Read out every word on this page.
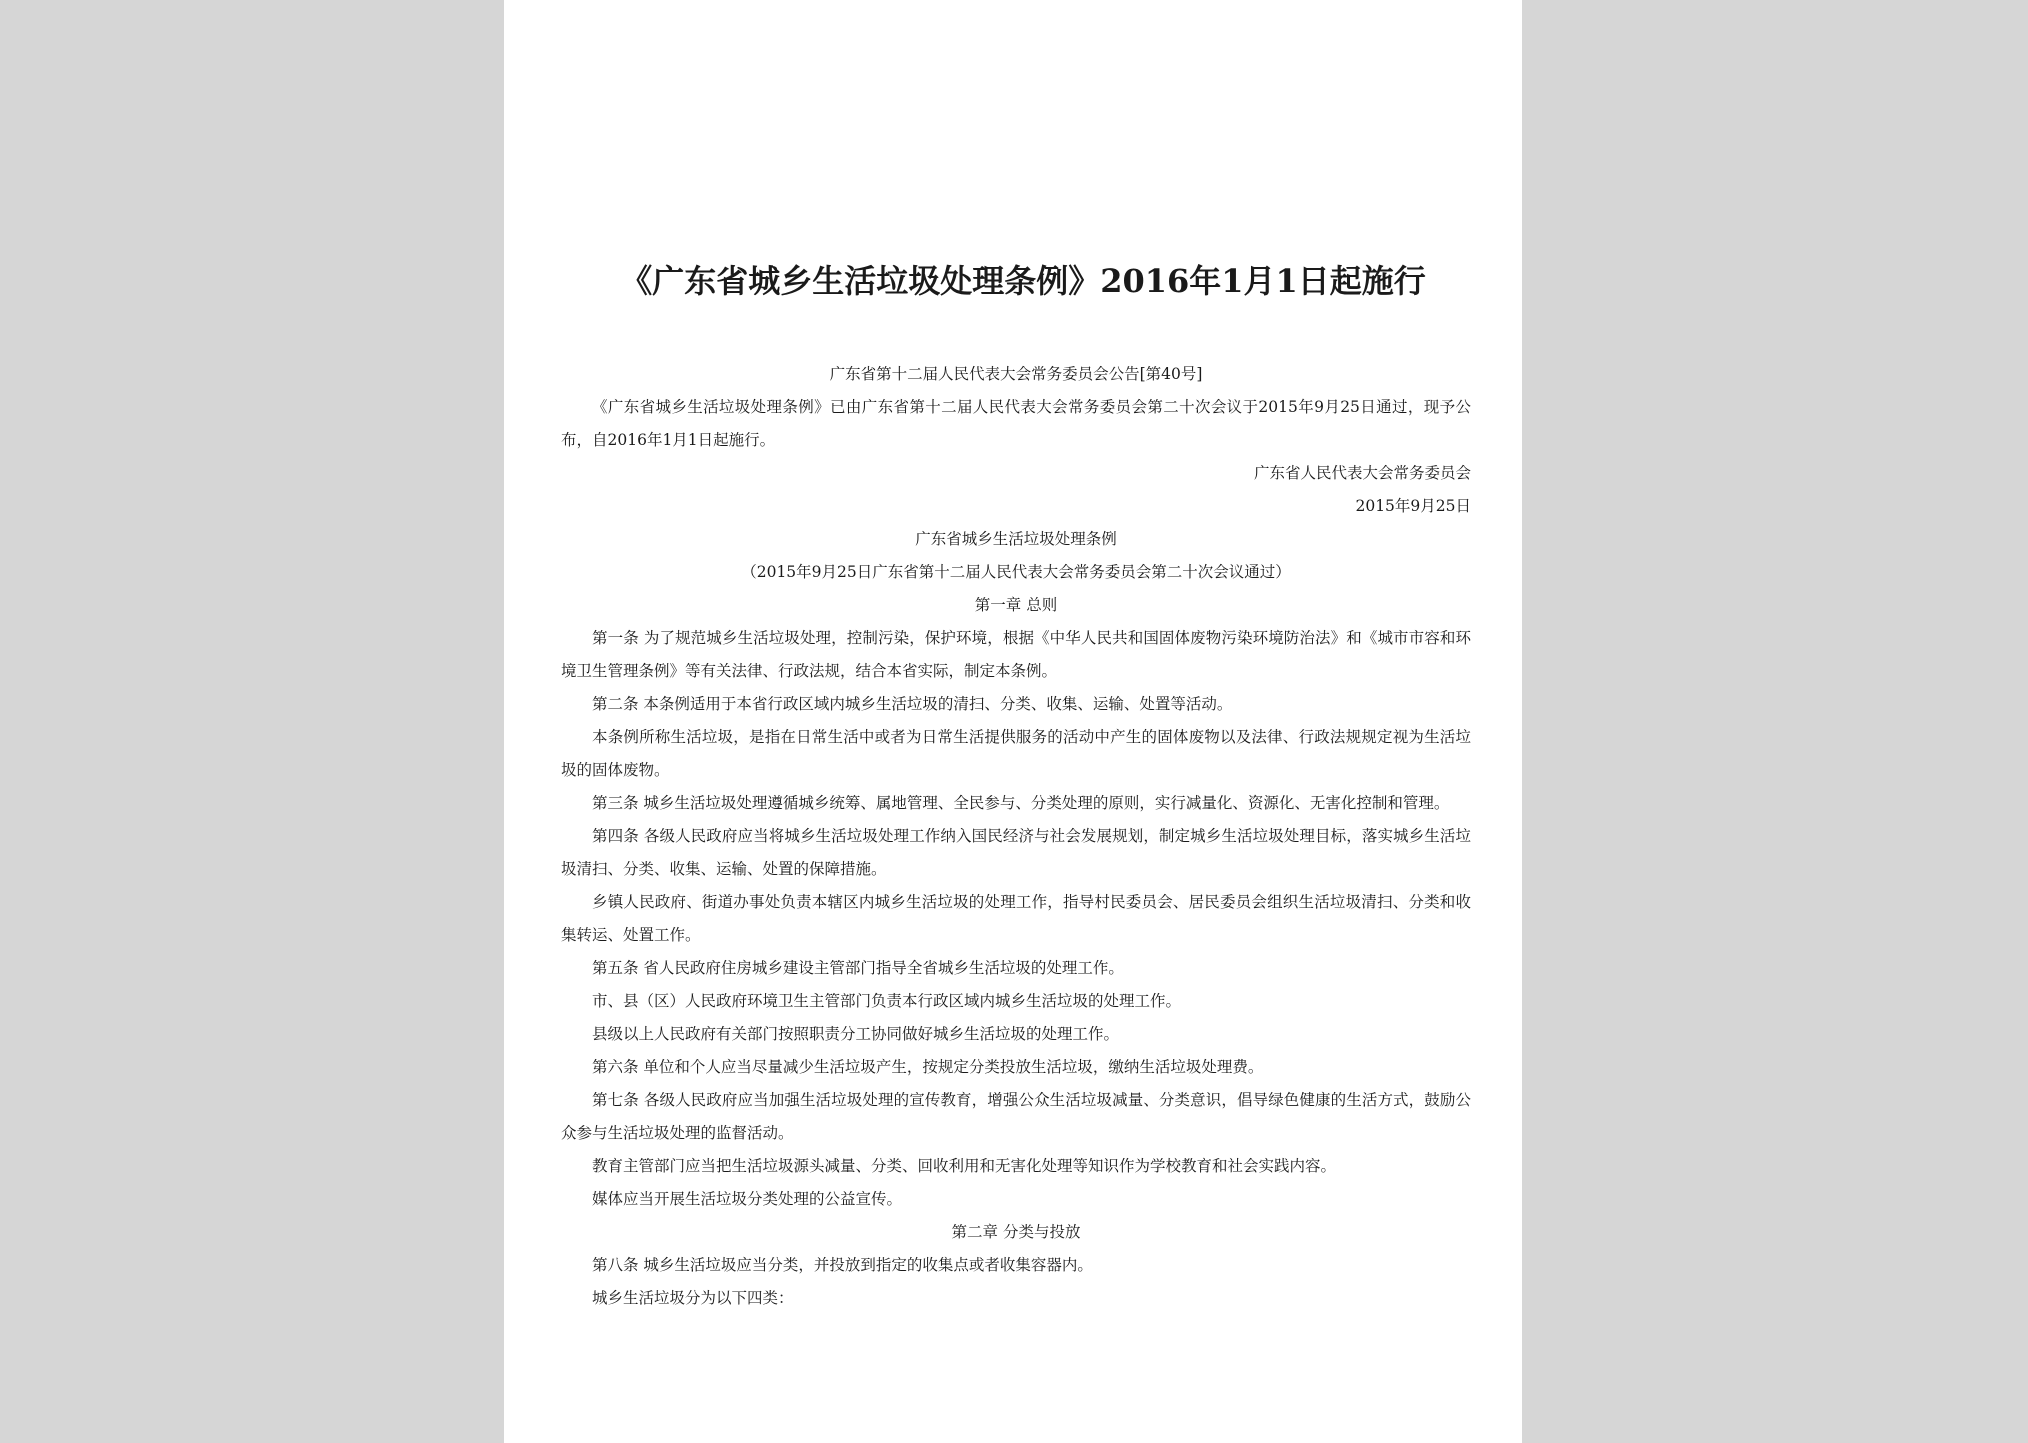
《广东省城乡生活垃圾处理条例》2016年1月1日起施行
广东省第十二届人民代表大会常务委员会公告[第40号]
《广东省城乡生活垃圾处理条例》已由广东省第十二届人民代表大会常务委员会第二十次会议于2015年9月25日通过，现予公布，自2016年1月1日起施行。
广东省人民代表大会常务委员会
2015年9月25日
广东省城乡生活垃圾处理条例
（2015年9月25日广东省第十二届人民代表大会常务委员会第二十次会议通过）
第一章 总则
第一条 为了规范城乡生活垃圾处理，控制污染，保护环境，根据《中华人民共和国固体废物污染环境防治法》和《城市市容和环境卫生管理条例》等有关法律、行政法规，结合本省实际，制定本条例。
第二条 本条例适用于本省行政区域内城乡生活垃圾的清扫、分类、收集、运输、处置等活动。
本条例所称生活垃圾，是指在日常生活中或者为日常生活提供服务的活动中产生的固体废物以及法律、行政法规规定视为生活垃圾的固体废物。
第三条 城乡生活垃圾处理遵循城乡统筹、属地管理、全民参与、分类处理的原则，实行减量化、资源化、无害化控制和管理。
第四条 各级人民政府应当将城乡生活垃圾处理工作纳入国民经济与社会发展规划，制定城乡生活垃圾处理目标，落实城乡生活垃圾清扫、分类、收集、运输、处置的保障措施。
乡镇人民政府、街道办事处负责本辖区内城乡生活垃圾的处理工作，指导村民委员会、居民委员会组织生活垃圾清扫、分类和收集转运、处置工作。
第五条 省人民政府住房城乡建设主管部门指导全省城乡生活垃圾的处理工作。
市、县（区）人民政府环境卫生主管部门负责本行政区域内城乡生活垃圾的处理工作。
县级以上人民政府有关部门按照职责分工协同做好城乡生活垃圾的处理工作。
第六条 单位和个人应当尽量减少生活垃圾产生，按规定分类投放生活垃圾，缴纳生活垃圾处理费。
第七条 各级人民政府应当加强生活垃圾处理的宣传教育，增强公众生活垃圾减量、分类意识，倡导绿色健康的生活方式，鼓励公众参与生活垃圾处理的监督活动。
教育主管部门应当把生活垃圾源头减量、分类、回收利用和无害化处理等知识作为学校教育和社会实践内容。
媒体应当开展生活垃圾分类处理的公益宣传。
第二章 分类与投放
第八条 城乡生活垃圾应当分类，并投放到指定的收集点或者收集容器内。
城乡生活垃圾分为以下四类：
